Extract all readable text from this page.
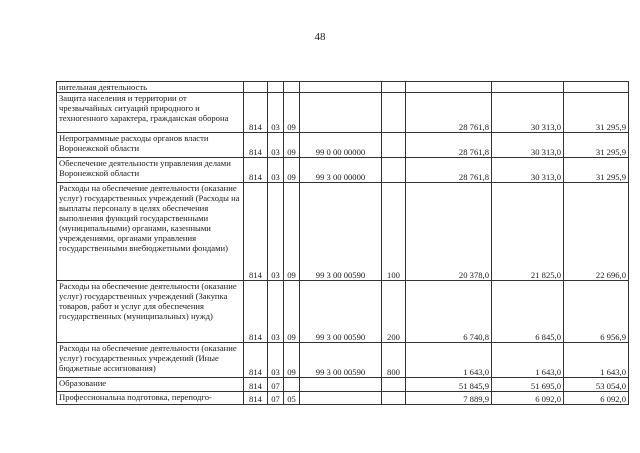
48
нительная деятельность								
Защита населения и территории от чрезвычайных ситуаций природного и техногенного характера, гражданская оборона	814	03	09			28 761,8	30 313,0	31 295,9
Непрограммные расходы органов власти Воронежской области	814	03	09	99 0 00 00000		28 761,8	30 313,0	31 295,9
Обеспечение деятельности управления делами Воронежской области	814	03	09	99 3 00 00000		28 761,8	30 313,0	31 295,9
Расходы на обеспечение деятельности (оказание услуг) государственных учреждений (Расходы на выплаты персоналу в целях обеспечения выполнения функций государственными (муниципальными) органами, казенными учреждениями, органами управления государственными внебюджетными фондами)	814	03	09	99 3 00 00590	100	20 378,0	21 825,0	22 696,0
Расходы на обеспечение деятельности (оказание услуг) государственных учреждений (Закупка товаров, работ и услуг для обеспечения государственных (муниципальных) нужд)	814	03	09	99 3 00 00590	200	6 740,8	6 845,0	6 956,9
Расходы на обеспечение деятельности (оказание услуг) государственных учреждений (Иные бюджетные ассигнования)	814	03	09	99 3 00 00590	800	1 643,0	1 643,0	1 643,0
Образование	814	07				51 845,9	51 695,0	53 054,0
Профессиональна подготовка, переподго-	814	07	05			7 889,9	6 092,0	6 092,0
